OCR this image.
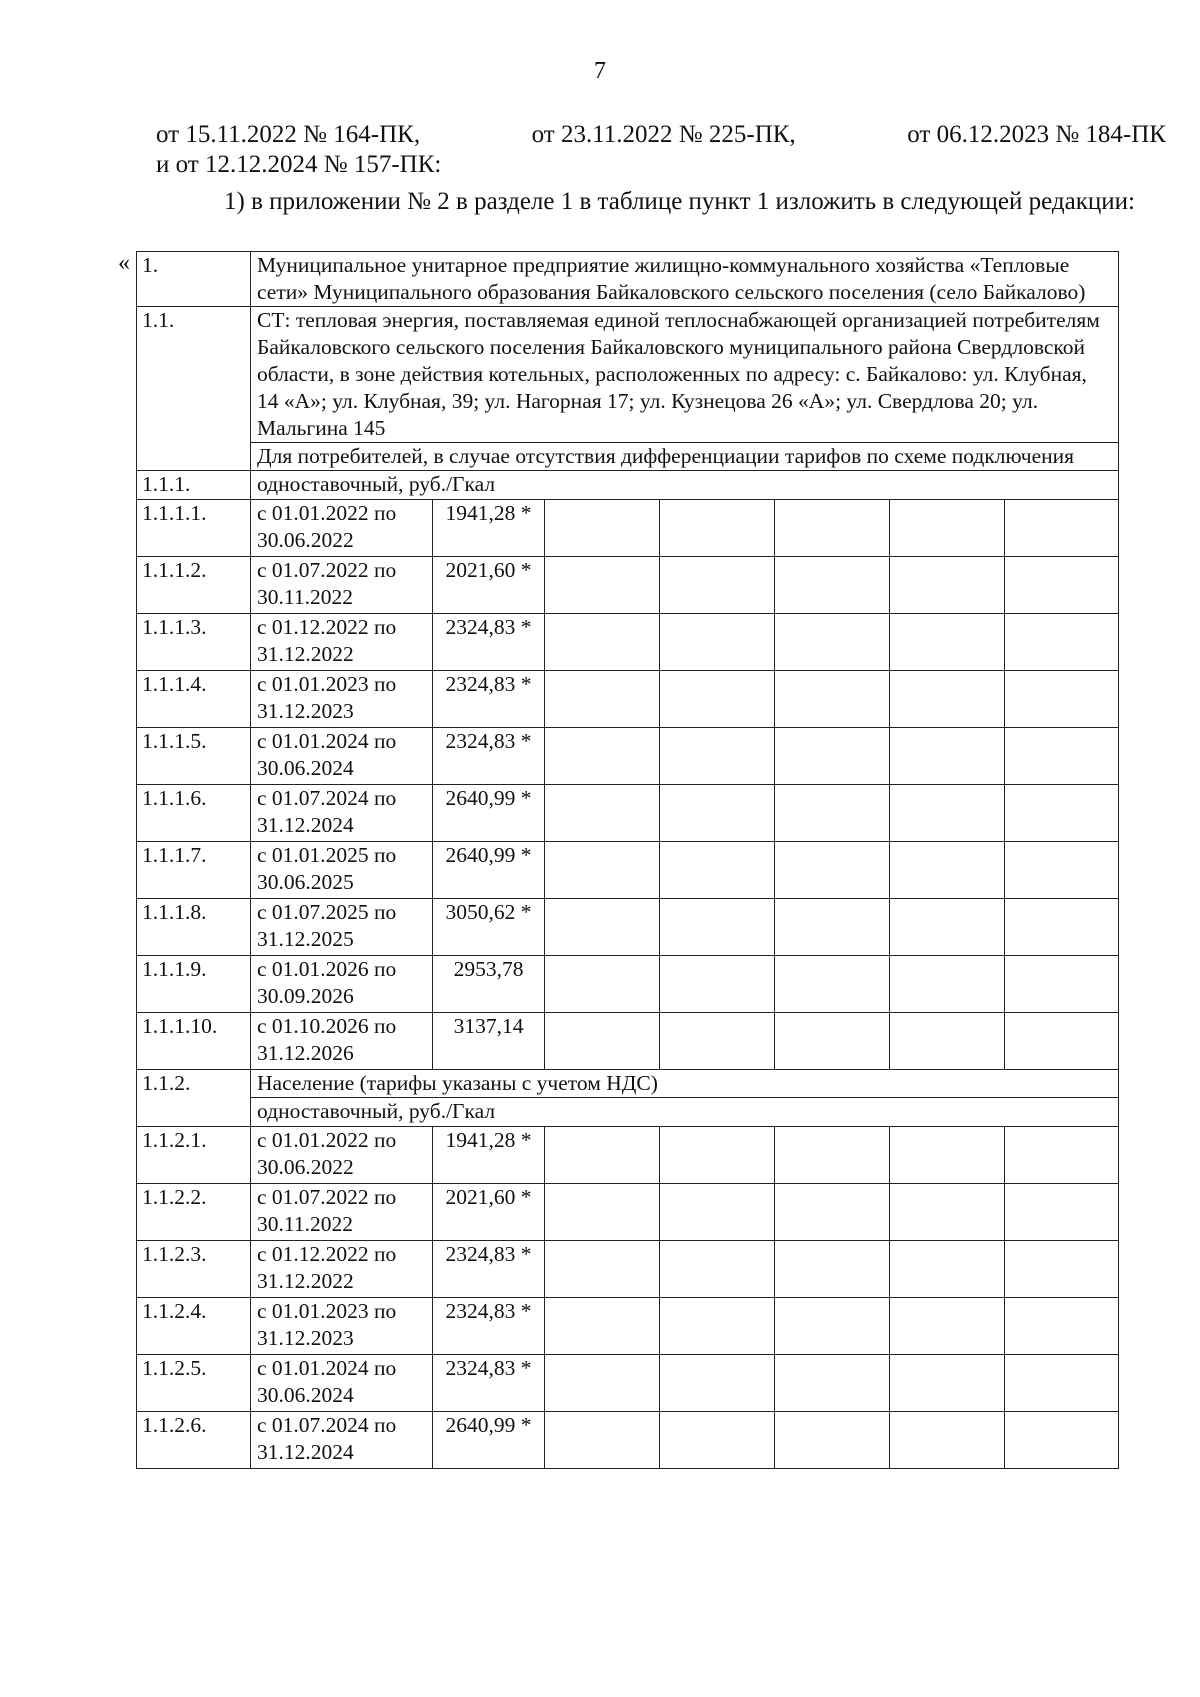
7
от 15.11.2022 № 164-ПК,	от 23.11.2022 № 225-ПК,	от 06.12.2023 № 184-ПК
и от 12.12.2024 № 157-ПК:
1) в приложении № 2 в разделе 1 в таблице пункт 1 изложить в следующей редакции:
« 1.	Муниципальное унитарное предприятие жилищно-коммунального хозяйства «Тепловые сети» Муниципального образования Байкаловского сельского поселения (село Байкалово)						
1.1.	СТ: тепловая энергия, поставляемая единой теплоснабжающей организацией потребителям Байкаловского сельского поселения Байкаловского муниципального района Свердловской области, в зоне действия котельных, расположенных по адресу: с. Байкалово: ул. Клубная, 14 «А»; ул. Клубная, 39; ул. Нагорная 17; ул. Кузнецова 26 «А»; ул. Свердлова 20; ул. Мальгина 145						
	Для потребителей, в случае отсутствия дифференциации тарифов по схеме подключения						
1.1.1.	одноставочный, руб./Гкал						
1.1.1.1.	с 01.01.2022 по 30.06.2022	1941,28 *					
1.1.1.2.	с 01.07.2022 по 30.11.2022	2021,60 *					
1.1.1.3.	с 01.12.2022 по 31.12.2022	2324,83 *					
1.1.1.4.	с 01.01.2023 по 31.12.2023	2324,83 *					
1.1.1.5.	с 01.01.2024 по 30.06.2024	2324,83 *					
1.1.1.6.	с 01.07.2024 по 31.12.2024	2640,99 *					
1.1.1.7.	с 01.01.2025 по 30.06.2025	2640,99 *					
1.1.1.8.	с 01.07.2025 по 31.12.2025	3050,62 *					
1.1.1.9.	с 01.01.2026 по 30.09.2026	2953,78					
1.1.1.10.	с 01.10.2026 по 31.12.2026	3137,14					
1.1.2.	Население (тарифы указаны с учетом НДС)						
	одноставочный, руб./Гкал						
1.1.2.1.	с 01.01.2022 по 30.06.2022	1941,28 *					
1.1.2.2.	с 01.07.2022 по 30.11.2022	2021,60 *					
1.1.2.3.	с 01.12.2022 по 31.12.2022	2324,83 *					
1.1.2.4.	с 01.01.2023 по 31.12.2023	2324,83 *					
1.1.2.5.	с 01.01.2024 по 30.06.2024	2324,83 *					
1.1.2.6.	с 01.07.2024 по 31.12.2024	2640,99 *					
